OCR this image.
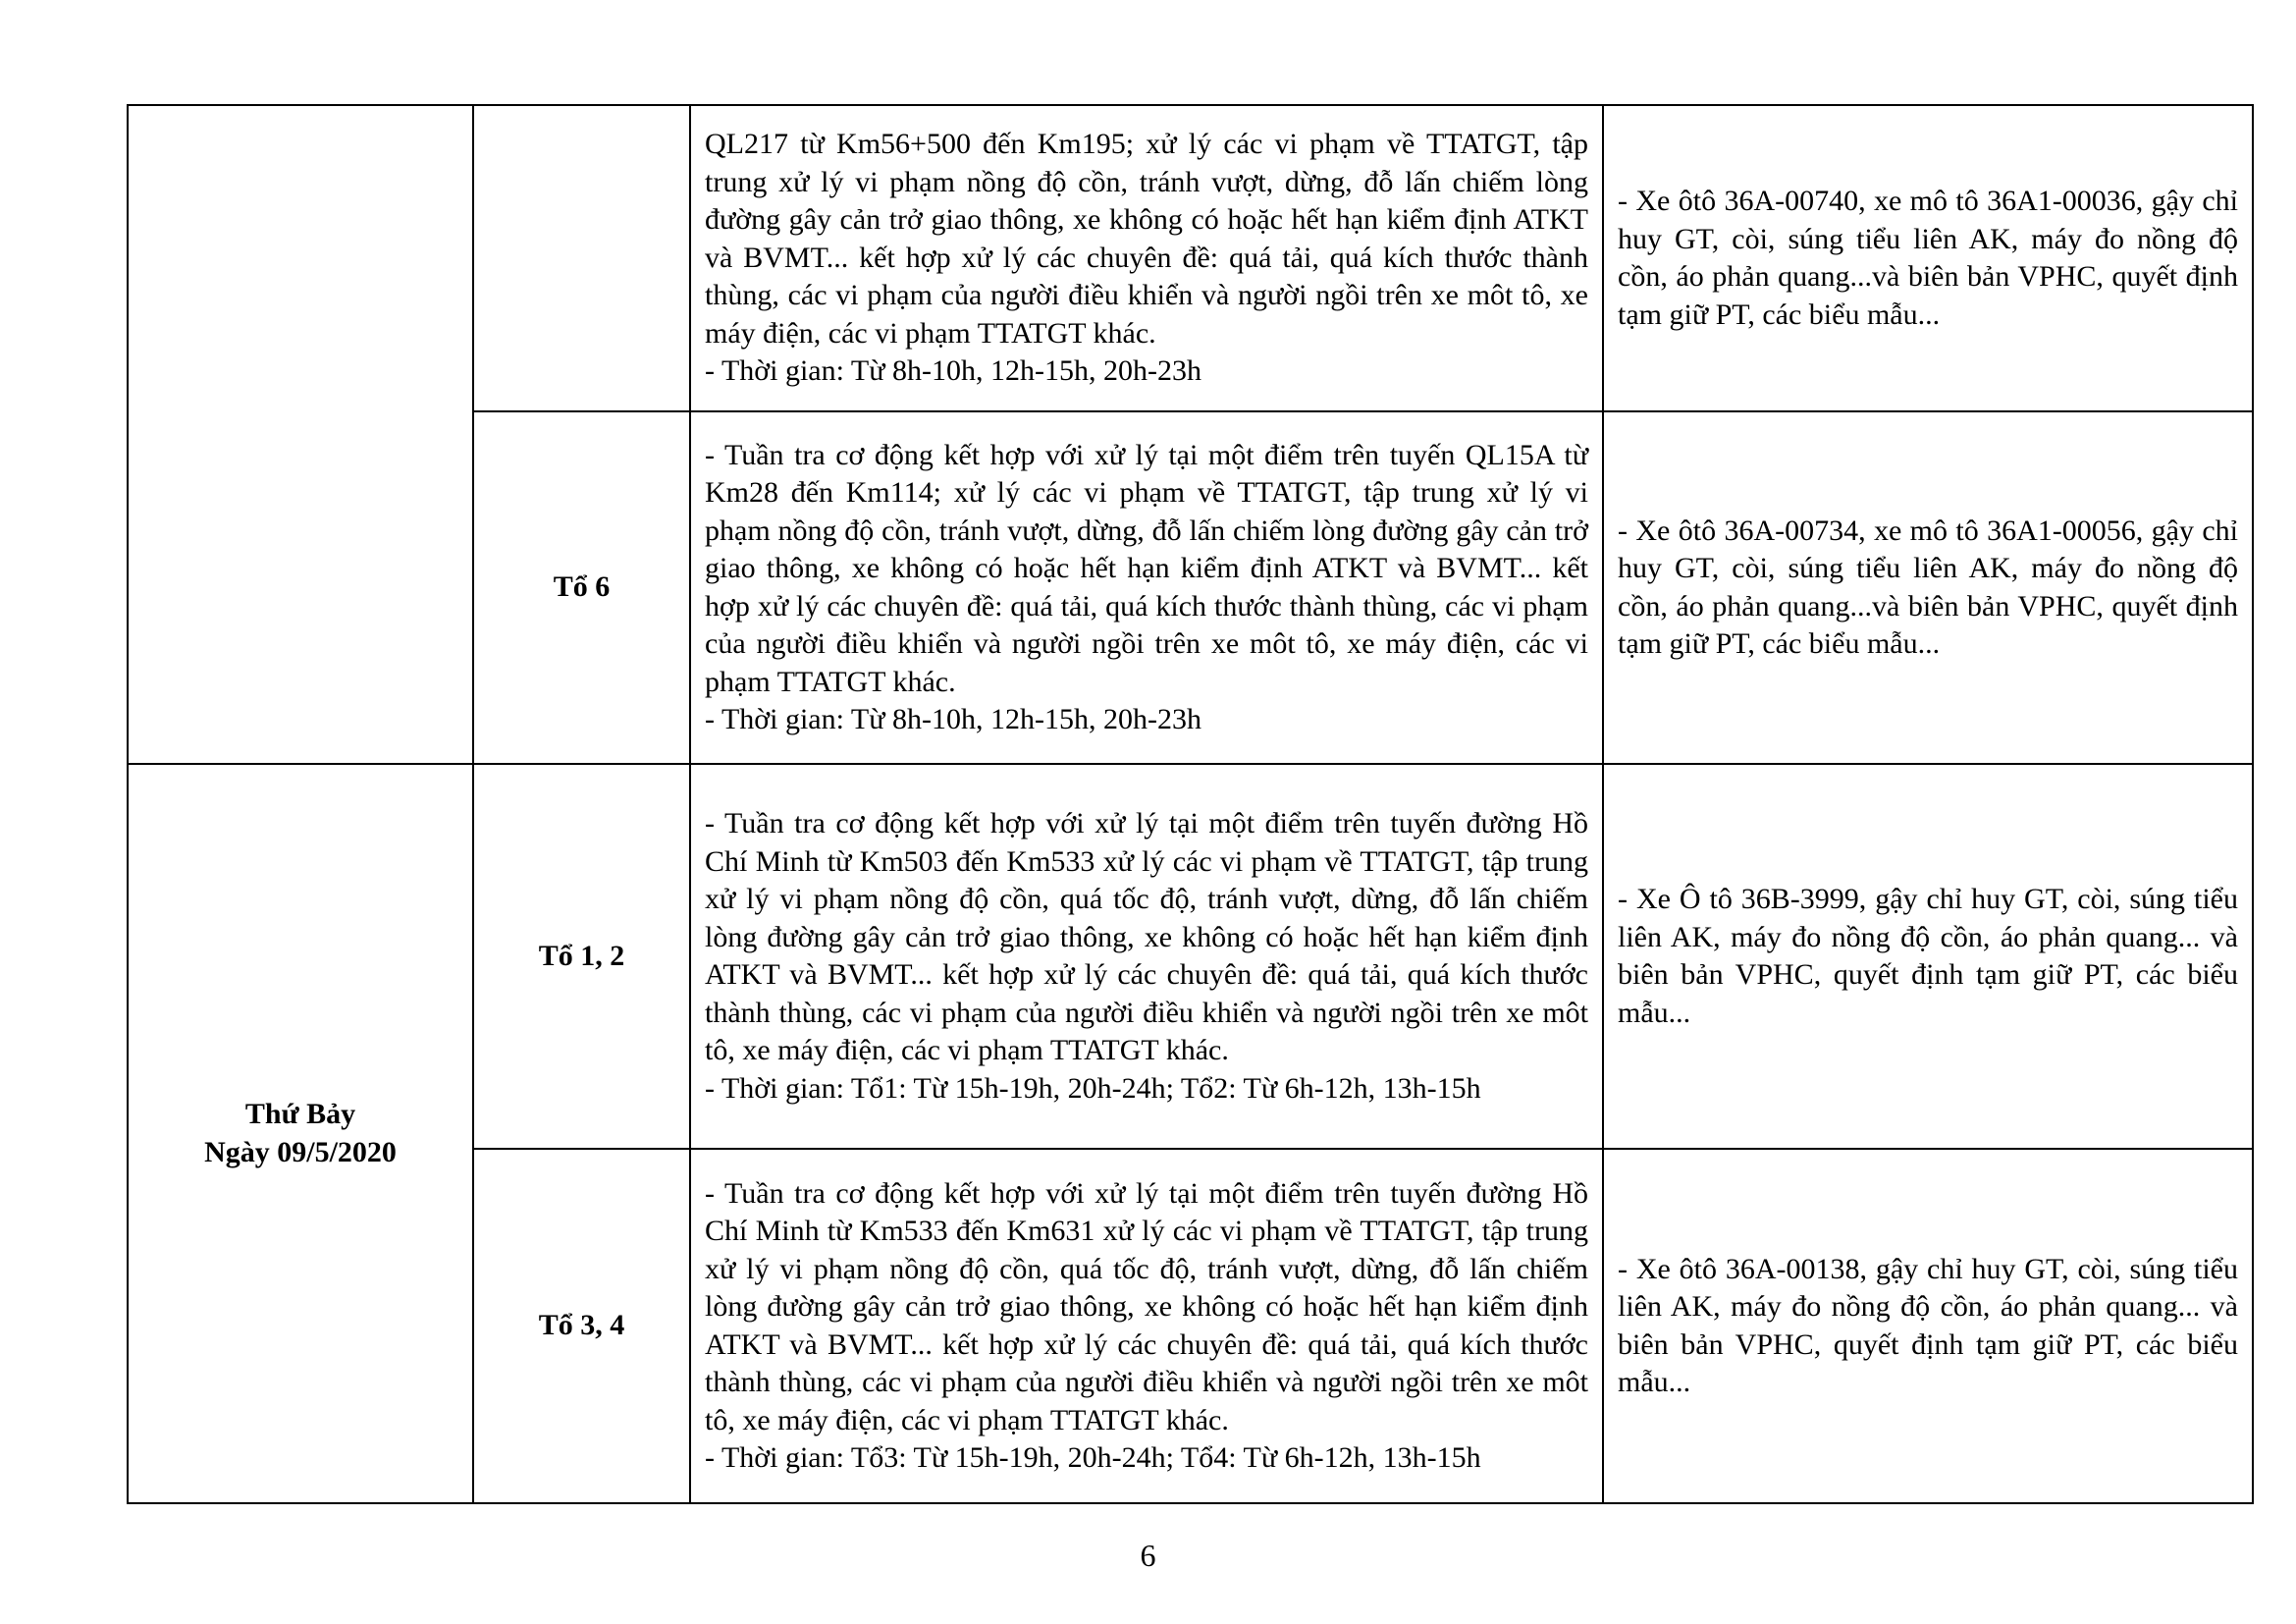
		QL217 từ Km56+500 đến Km195; xử lý các vi phạm về TTATGT, tập trung xử lý vi phạm nồng độ cồn, tránh vượt, dừng, đỗ lấn chiếm lòng đường gây cản trở giao thông, xe không có hoặc hết hạn kiểm định ATKT và BVMT... kết hợp xử lý các chuyên đề: quá tải, quá kích thước thành thùng, các vi phạm của người điều khiển và người ngồi trên xe môt tô, xe máy điện, các vi phạm TTATGT khác.
- Thời gian: Từ 8h-10h, 12h-15h, 20h-23h	- Xe ôtô 36A-00740, xe mô tô 36A1-00036, gậy chỉ huy GT, còi, súng tiểu liên AK, máy đo nồng độ cồn, áo phản quang...và biên bản VPHC, quyết định tạm giữ PT, các biểu mẫu...
	Tổ 6	- Tuần tra cơ động kết hợp với xử lý tại một điểm trên tuyến QL15A từ Km28 đến Km114; xử lý các vi phạm về TTATGT, tập trung xử lý vi phạm nồng độ cồn, tránh vượt, dừng, đỗ lấn chiếm lòng đường gây cản trở giao thông, xe không có hoặc hết hạn kiểm định ATKT và BVMT... kết hợp xử lý các chuyên đề: quá tải, quá kích thước thành thùng, các vi phạm của người điều khiển và người ngồi trên xe môt tô, xe máy điện, các vi phạm TTATGT khác.
- Thời gian: Từ 8h-10h, 12h-15h, 20h-23h	- Xe ôtô 36A-00734, xe mô tô 36A1-00056, gậy chỉ huy GT, còi, súng tiểu liên AK, máy đo nồng độ cồn, áo phản quang...và biên bản VPHC, quyết định tạm giữ PT, các biểu mẫu...

Thứ Bảy
Ngày 09/5/2020	Tổ 1, 2	- Tuần tra cơ động kết hợp với xử lý tại một điểm trên tuyến đường Hồ Chí Minh từ Km503 đến Km533 xử lý các vi phạm về TTATGT, tập trung xử lý vi phạm nồng độ cồn, quá tốc độ, tránh vượt, dừng, đỗ lấn chiếm lòng đường gây cản trở giao thông, xe không có hoặc hết hạn kiểm định ATKT và BVMT... kết hợp xử lý các chuyên đề: quá tải, quá kích thước thành thùng, các vi phạm của người điều khiển và người ngồi trên xe môt tô, xe máy điện, các vi phạm TTATGT khác.
- Thời gian: Tổ1: Từ 15h-19h, 20h-24h; Tổ2: Từ 6h-12h, 13h-15h	- Xe Ô tô 36B-3999, gậy chỉ huy GT, còi, súng tiểu liên AK, máy đo nồng độ cồn, áo phản quang... và biên bản VPHC, quyết định tạm giữ PT, các biểu mẫu...
	Tổ 3, 4	- Tuần tra cơ động kết hợp với xử lý tại một điểm trên tuyến đường Hồ Chí Minh từ Km533 đến Km631 xử lý các vi phạm về TTATGT, tập trung xử lý vi phạm nồng độ cồn, quá tốc độ, tránh vượt, dừng, đỗ lấn chiếm lòng đường gây cản trở giao thông, xe không có hoặc hết hạn kiểm định ATKT và BVMT... kết hợp xử lý các chuyên đề: quá tải, quá kích thước thành thùng, các vi phạm của người điều khiển và người ngồi trên xe môt tô, xe máy điện, các vi phạm TTATGT khác.
- Thời gian: Tổ3: Từ 15h-19h, 20h-24h; Tổ4: Từ 6h-12h, 13h-15h	- Xe ôtô 36A-00138, gậy chỉ huy GT, còi, súng tiểu liên AK, máy đo nồng độ cồn, áo phản quang... và biên bản VPHC, quyết định tạm giữ PT, các biểu mẫu...
6
